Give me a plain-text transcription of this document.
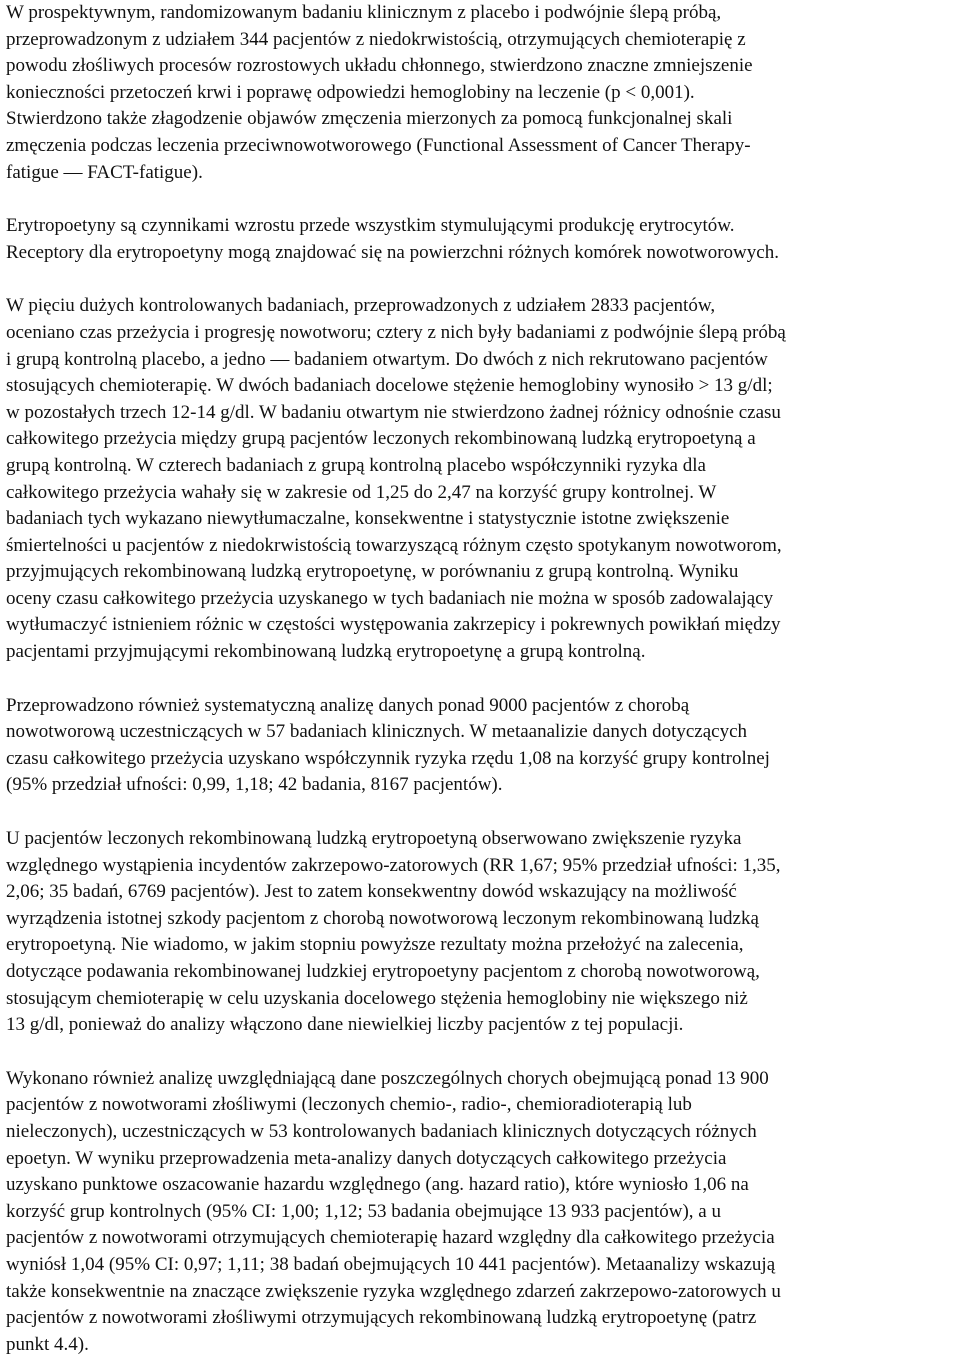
W prospektywnym, randomizowanym badaniu klinicznym z placebo i podwójnie ślepą próbą,
przeprowadzonym z udziałem 344 pacjentów z niedokrwistością, otrzymujących chemioterapię z
powodu złośliwych procesów rozrostowych układu chłonnego, stwierdzono znaczne zmniejszenie
konieczności przetoczeń krwi i poprawę odpowiedzi hemoglobiny na leczenie (p < 0,001).
Stwierdzono także złagodzenie objawów zmęczenia mierzonych za pomocą funkcjonalnej skali
zmęczenia podczas leczenia przeciwnowotworowego (Functional Assessment of Cancer Therapy-
fatigue — FACT-fatigue).
Erytropoetyny są czynnikami wzrostu przede wszystkim stymulującymi produkcję erytrocytów.
Receptory dla erytropoetyny mogą znajdować się na powierzchni różnych komórek nowotworowych.
W pięciu dużych kontrolowanych badaniach, przeprowadzonych z udziałem 2833 pacjentów,
oceniano czas przeżycia i progresję nowotworu; cztery z nich były badaniami z podwójnie ślepą próbą
i grupą kontrolną placebo, a jedno — badaniem otwartym. Do dwóch z nich rekrutowano pacjentów
stosujących chemioterapię. W dwóch badaniach docelowe stężenie hemoglobiny wynosiło > 13 g/dl;
w pozostałych trzech 12-14 g/dl. W badaniu otwartym nie stwierdzono żadnej różnicy odnośnie czasu
całkowitego przeżycia między grupą pacjentów leczonych rekombinowaną ludzką erytropoetyną a
grupą kontrolną. W czterech badaniach z grupą kontrolną placebo współczynniki ryzyka dla
całkowitego przeżycia wahały się w zakresie od 1,25 do 2,47 na korzyść grupy kontrolnej. W
badaniach tych wykazano niewytłumaczalne, konsekwentne i statystycznie istotne zwiększenie
śmiertelności u pacjentów z niedokrwistością towarzyszącą różnym często spotykanym nowotworom,
przyjmujących rekombinowaną ludzką erytropoetynę, w porównaniu z grupą kontrolną. Wyniku
oceny czasu całkowitego przeżycia uzyskanego w tych badaniach nie można w sposób zadowalający
wytłumaczyć istnieniem różnic w częstości występowania zakrzepicy i pokrewnych powikłań między
pacjentami przyjmującymi rekombinowaną ludzką erytropoetynę a grupą kontrolną.
Przeprowadzono również systematyczną analizę danych ponad 9000 pacjentów z chorobą
nowotworową uczestniczących w 57 badaniach klinicznych. W metaanalizie danych dotyczących
czasu całkowitego przeżycia uzyskano współczynnik ryzyka rzędu 1,08 na korzyść grupy kontrolnej
(95% przedział ufności: 0,99, 1,18; 42 badania, 8167 pacjentów).
U pacjentów leczonych rekombinowaną ludzką erytropoetyną obserwowano zwiększenie ryzyka
względnego wystąpienia incydentów zakrzepowo-zatorowych (RR 1,67; 95% przedział ufności: 1,35,
2,06; 35 badań, 6769 pacjentów). Jest to zatem konsekwentny dowód wskazujący na możliwość
wyrządzenia istotnej szkody pacjentom z chorobą nowotworową leczonym rekombinowaną ludzką
erytropoetyną. Nie wiadomo, w jakim stopniu powyższe rezultaty można przełożyć na zalecenia,
dotyczące podawania rekombinowanej ludzkiej erytropoetyny pacjentom z chorobą nowotworową,
stosującym chemioterapię w celu uzyskania docelowego stężenia hemoglobiny nie większego niż
13 g/dl, ponieważ do analizy włączono dane niewielkiej liczby pacjentów z tej populacji.
Wykonano również analizę uwzględniającą dane poszczególnych chorych obejmującą ponad 13 900
pacjentów z nowotworami złośliwymi (leczonych chemio-, radio-, chemioradioterapią lub
nieleczonych), uczestniczących w 53 kontrolowanych badaniach klinicznych dotyczących różnych
epoetyn. W wyniku przeprowadzenia meta-analizy danych dotyczących całkowitego przeżycia
uzyskano punktowe oszacowanie hazardu względnego (ang. hazard ratio), które wyniosło 1,06 na
korzyść grup kontrolnych (95% CI: 1,00; 1,12; 53 badania obejmujące 13 933 pacjentów), a u
pacjentów z nowotworami otrzymujących chemioterapię hazard względny dla całkowitego przeżycia
wyniósł 1,04 (95% CI: 0,97; 1,11; 38 badań obejmujących 10 441 pacjentów). Metaanalizy wskazują
także konsekwentnie na znaczące zwiększenie ryzyka względnego zdarzeń zakrzepowo-zatorowych u
pacjentów z nowotworami złośliwymi otrzymujących rekombinowaną ludzką erytropoetynę (patrz
punkt 4.4).
